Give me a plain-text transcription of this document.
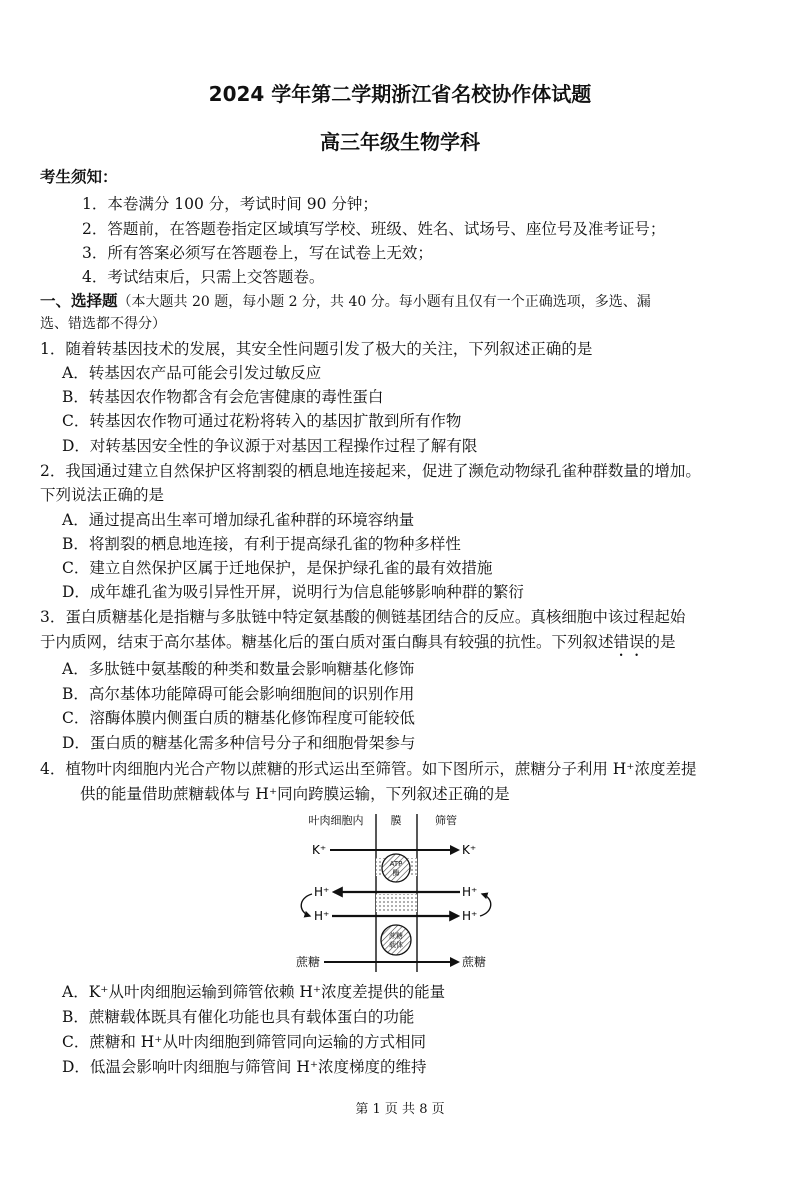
2024 学年第二学期浙江省名校协作体试题
高三年级生物学科
考生须知：
1．本卷满分 100 分，考试时间 90 分钟；
2．答题前，在答题卷指定区域填写学校、班级、姓名、试场号、座位号及准考证号；
3．所有答案必须写在答题卷上，写在试卷上无效；
4．考试结束后，只需上交答题卷。
一、选择题（本大题共 20 题，每小题 2 分，共 40 分。每小题有且仅有一个正确选项，多选、漏
选、错选都不得分）
1．随着转基因技术的发展，其安全性问题引发了极大的关注，下列叙述正确的是
A．转基因农产品可能会引发过敏反应
B．转基因农作物都含有会危害健康的毒性蛋白
C．转基因农作物可通过花粉将转入的基因扩散到所有作物
D．对转基因安全性的争议源于对基因工程操作过程了解有限
2．我国通过建立自然保护区将割裂的栖息地连接起来，促进了濒危动物绿孔雀种群数量的增加。
下列说法正确的是
A．通过提高出生率可增加绿孔雀种群的环境容纳量
B．将割裂的栖息地连接，有利于提高绿孔雀的物种多样性
C．建立自然保护区属于迁地保护，是保护绿孔雀的最有效措施
D．成年雄孔雀为吸引异性开屏，说明行为信息能够影响种群的繁衍
3．蛋白质糖基化是指糖与多肽链中特定氨基酸的侧链基团结合的反应。真核细胞中该过程起始
于内质网，结束于高尔基体。糖基化后的蛋白质对蛋白酶具有较强的抗性。下列叙述错误的是
A．多肽链中氨基酸的种类和数量会影响糖基化修饰
B．高尔基体功能障碍可能会影响细胞间的识别作用
C．溶酶体膜内侧蛋白质的糖基化修饰程度可能较低
D．蛋白质的糖基化需多种信号分子和细胞骨架参与
4．植物叶肉细胞内光合产物以蔗糖的形式运出至筛管。如下图所示，蔗糖分子利用 H⁺浓度差提
供的能量借助蔗糖载体与 H⁺同向跨膜运输，下列叙述正确的是
叶肉细胞内 膜	筛管
K⁺	K⁺
ATP
酶
H⁺	H⁺
H⁺	H⁺
蔗糖
载体
蔗糖	蔗糖
A．K⁺从叶肉细胞运输到筛管依赖 H⁺浓度差提供的能量
B．蔗糖载体既具有催化功能也具有载体蛋白的功能
C．蔗糖和 H⁺从叶肉细胞到筛管同向运输的方式相同
D．低温会影响叶肉细胞与筛管间 H⁺浓度梯度的维持
第 1 页 共 8 页
